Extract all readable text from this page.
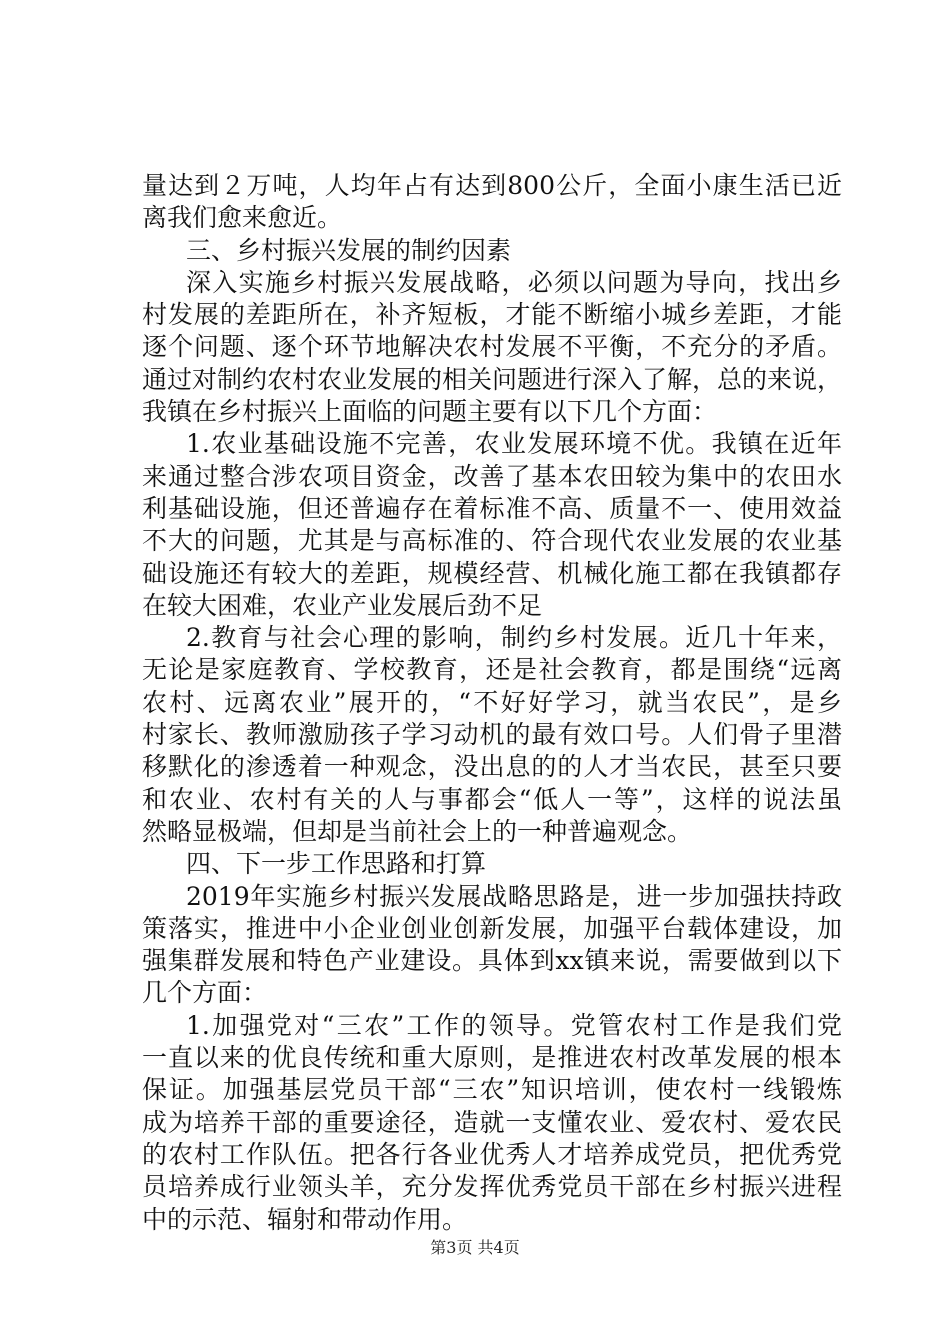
量达到２万吨，人均年占有达到800公斤，全面小康生活已近
离我们愈来愈近。
三、乡村振兴发展的制约因素
深入实施乡村振兴发展战略，必须以问题为导向，找出乡
村发展的差距所在，补齐短板，才能不断缩小城乡差距，才能
逐个问题、逐个环节地解决农村发展不平衡，不充分的矛盾。
通过对制约农村农业发展的相关问题进行深入了解，总的来说，
我镇在乡村振兴上面临的问题主要有以下几个方面：
1.农业基础设施不完善，农业发展环境不优。我镇在近年
来通过整合涉农项目资金，改善了基本农田较为集中的农田水
利基础设施，但还普遍存在着标准不高、质量不一、使用效益
不大的问题，尤其是与高标准的、符合现代农业发展的农业基
础设施还有较大的差距，规模经营、机械化施工都在我镇都存
在较大困难，农业产业发展后劲不足
2.教育与社会心理的影响，制约乡村发展。近几十年来，
无论是家庭教育、学校教育，还是社会教育，都是围绕“远离
农村、远离农业”展开的，“不好好学习，就当农民”，是乡
村家长、教师激励孩子学习动机的最有效口号。人们骨子里潜
移默化的渗透着一种观念，没出息的的人才当农民，甚至只要
和农业、农村有关的人与事都会“低人一等”，这样的说法虽
然略显极端，但却是当前社会上的一种普遍观念。
四、下一步工作思路和打算
2019年实施乡村振兴发展战略思路是，进一步加强扶持政
策落实，推进中小企业创业创新发展，加强平台载体建设，加
强集群发展和特色产业建设。具体到xx镇来说，需要做到以下
几个方面：
1.加强党对“三农”工作的领导。党管农村工作是我们党
一直以来的优良传统和重大原则，是推进农村改革发展的根本
保证。加强基层党员干部“三农”知识培训，使农村一线锻炼
成为培养干部的重要途径，造就一支懂农业、爱农村、爱农民
的农村工作队伍。把各行各业优秀人才培养成党员，把优秀党
员培养成行业领头羊，充分发挥优秀党员干部在乡村振兴进程
中的示范、辐射和带动作用。
第3页 共4页
